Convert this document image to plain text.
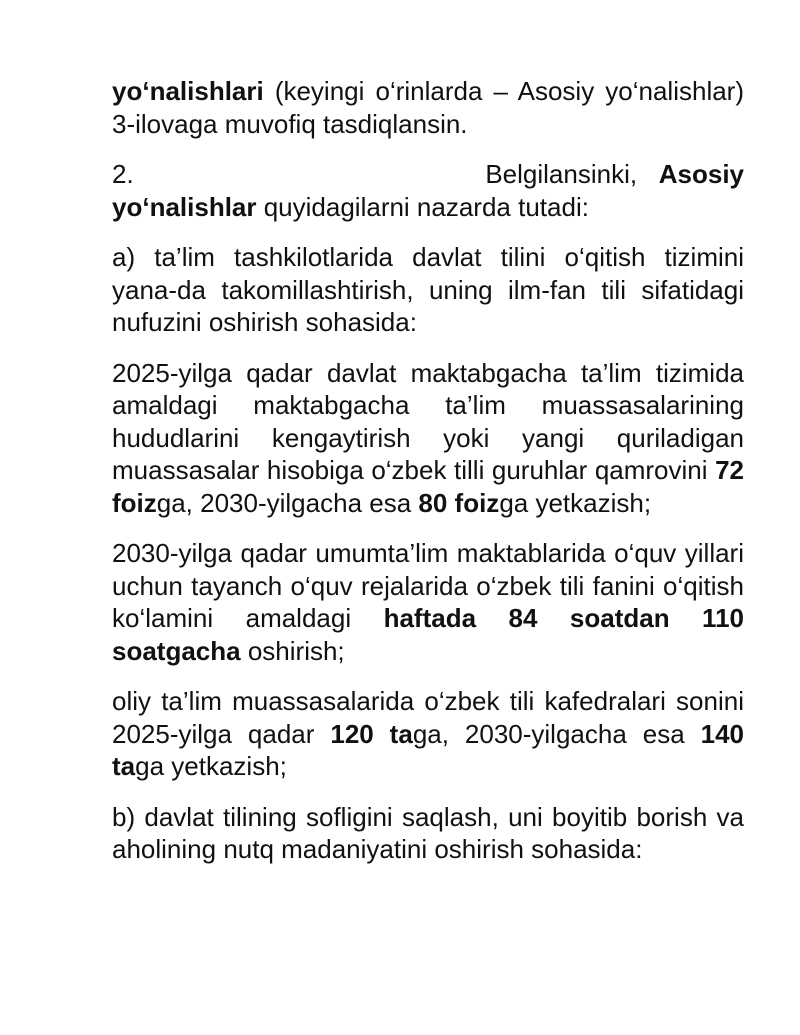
yo‘nalishlari (keyingi o‘rinlarda – Asosiy yo‘nalishlar) 3-ilovaga muvofiq tasdiqlansin.

2.	Belgilansinki, Asosiy yo‘nalishlar quyidagilarni nazarda tutadi:

a) ta’lim tashkilotlarida davlat tilini o‘qitish tizimini yana-da takomillashtirish, uning ilm-fan tili sifatidagi nufuzini oshirish sohasida:

2025-yilga qadar davlat maktabgacha ta’lim tizimida amaldagi maktabgacha ta’lim muassasalarining hududlarini kengaytirish yoki yangi quriladigan muassasalar hisobiga o‘zbek tilli guruhlar qamrovini 72 foizga, 2030-yilgacha esa 80 foizga yetkazish;

2030-yilga qadar umumta’lim maktablarida o‘quv yillari uchun tayanch o‘quv rejalarida o‘zbek tili fanini o‘qitish ko‘lamini amaldagi haftada 84 soatdan 110 soatgacha oshirish;

oliy ta’lim muassasalarida o‘zbek tili kafedralari sonini 2025-yilga qadar 120 taga, 2030-yilgacha esa 140 taga yetkazish;

b) davlat tilining sofligini saqlash, uni boyitib borish va aholining nutq madaniyatini oshirish sohasida:
